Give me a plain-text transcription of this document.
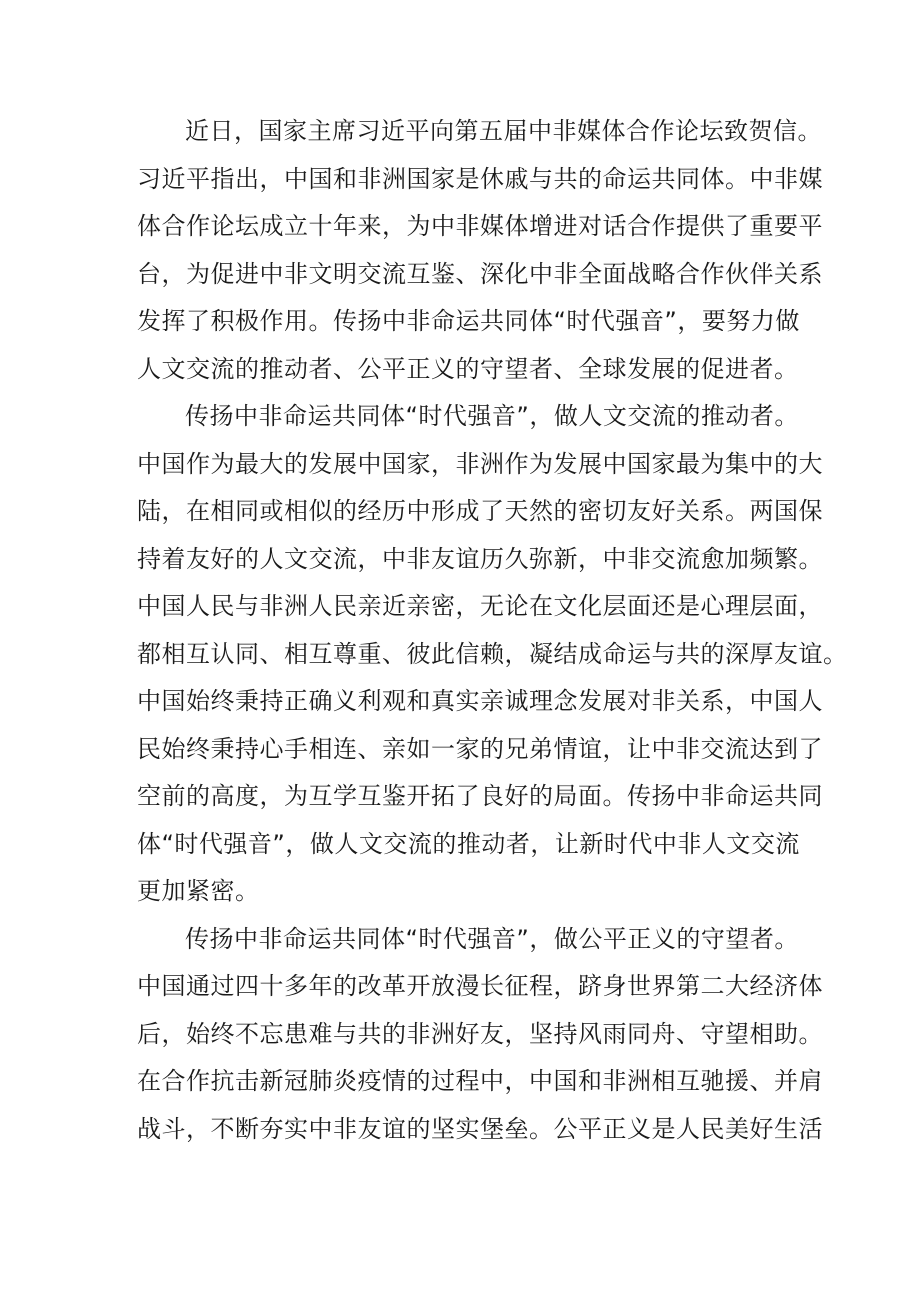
近日，国家主席习近平向第五届中非媒体合作论坛致贺信。
习近平指出，中国和非洲国家是休戚与共的命运共同体。中非媒
体合作论坛成立十年来，为中非媒体增进对话合作提供了重要平
台，为促进中非文明交流互鉴、深化中非全面战略合作伙伴关系
发挥了积极作用。传扬中非命运共同体“时代强音”，要努力做
人文交流的推动者、公平正义的守望者、全球发展的促进者。
传扬中非命运共同体“时代强音”，做人文交流的推动者。
中国作为最大的发展中国家，非洲作为发展中国家最为集中的大
陆，在相同或相似的经历中形成了天然的密切友好关系。两国保
持着友好的人文交流，中非友谊历久弥新，中非交流愈加频繁。
中国人民与非洲人民亲近亲密，无论在文化层面还是心理层面，
都相互认同、相互尊重、彼此信赖，凝结成命运与共的深厚友谊。
中国始终秉持正确义利观和真实亲诚理念发展对非关系，中国人
民始终秉持心手相连、亲如一家的兄弟情谊，让中非交流达到了
空前的高度，为互学互鉴开拓了良好的局面。传扬中非命运共同
体“时代强音”，做人文交流的推动者，让新时代中非人文交流
更加紧密。
传扬中非命运共同体“时代强音”，做公平正义的守望者。
中国通过四十多年的改革开放漫长征程，跻身世界第二大经济体
后，始终不忘患难与共的非洲好友，坚持风雨同舟、守望相助。
在合作抗击新冠肺炎疫情的过程中，中国和非洲相互驰援、并肩
战斗，不断夯实中非友谊的坚实堡垒。公平正义是人民美好生活
